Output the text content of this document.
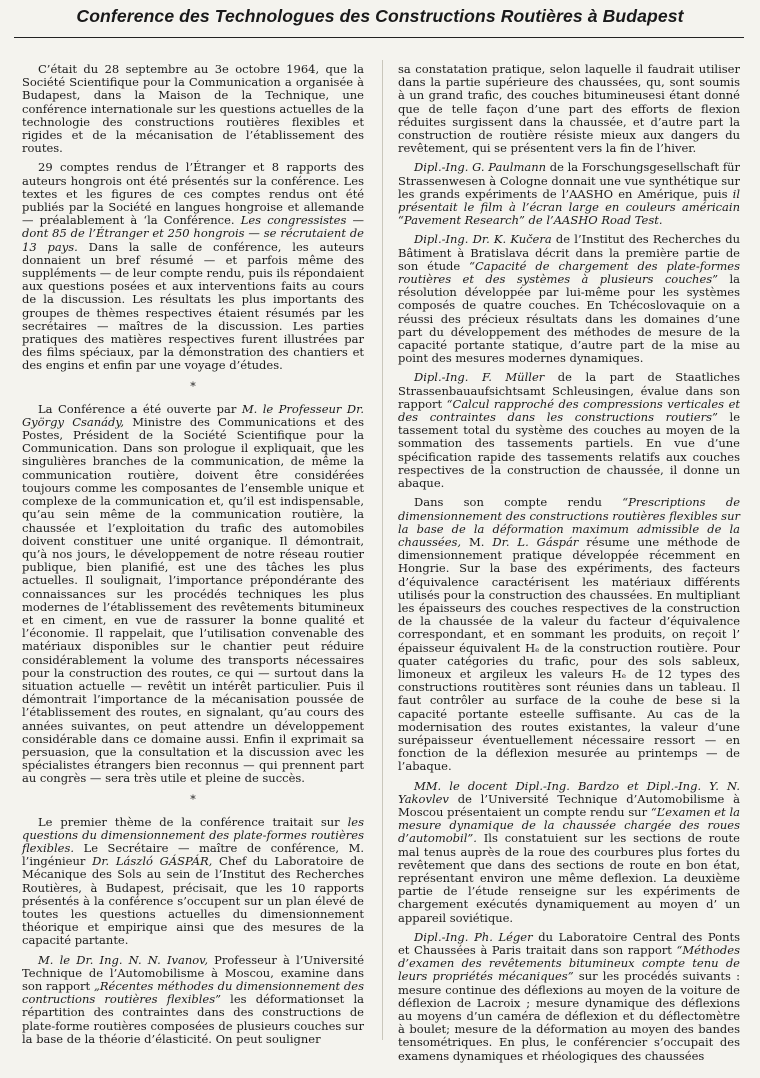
Conference des Technologues des Constructions Routières à Budapest

C’était du 28 septembre au 3e octobre 1964, que la Société Scientifique pour la Communication a organisée à Budapest, dans la Maison de la Technique, une conférence internationale sur les questions actuelles de la technologie des constructions routières flexibles et rigides et de la mécanisation de l’établissement des routes.

29 comptes rendus de l’Étranger et 8 rapports des auteurs hongrois ont été présentés sur la conférence. Les textes et les figures de ces comptes rendus ont été publiés par la Société en langues hongroise et allemande — préalablement à ‘la Conférence. Les congressistes — dont 85 de l’Étranger et 250 hongrois — se récrutaient de 13 pays. Dans la salle de conférence, les auteurs donnaient un bref résumé — et parfois même des suppléments — de leur compte rendu, puis ils répondaient aux questions posées et aux interventions faits au cours de la discussion. Les résultats les plus importants des groupes de thèmes respectives étaient résumés par les secrétaires — maîtres de la discussion. Les parties pratiques des matières respectives furent illustrées par des films spéciaux, par la démonstration des chantiers et des engins et enfin par une voyage d’études.

*

La Conférence a été ouverte par M. le Professeur Dr. György Csanády, Ministre des Communications et des Postes, Président de la Société Scientifique pour la Communication. Dans son prologue il expliquait, que les singulières branches de la communication, de même la communication routière, doivent être considérées toujours comme les composantes de l’ensemble unique et complexe de la communication et, qu’il est indispensable, qu’au sein même de la communication routière, la chaussée et l’exploitation du trafic des automobiles doivent constituer une unité organique. Il démontrait, qu’à nos jours, le développement de notre réseau routier publique, bien planifié, est une des tâches les plus actuelles. Il soulignait, l’importance prépondérante des connaissances sur les procédés techniques les plus modernes de l’établissement des revêtements bitumineux et en ciment, en vue de rassurer la bonne qualité et l’économie. Il rappelait, que l’utilisation convenable des matériaux disponibles sur le chantier peut réduire considérablement la volume des transports nécessaires pour la construction des routes, ce qui — surtout dans la situation actuelle — revêtit un intérêt particulier. Puis il démontrait l’importance de la mécanisation poussée de l’établissement des routes, en signalant, qu’au cours des années suivantes, on peut attendre un développement considérable dans ce domaine aussi. Enfin il exprimait sa persuasion, que la consultation et la discussion avec les spécialistes étrangers bien reconnus — qui prennent part au congrès — sera très utile et pleine de succès.

*

Le premier thème de la conférence traitait sur les questions du dimensionnement des plate-formes routières flexibles. Le Secrétaire — maître de conférence, M. l’ingénieur Dr. László GÁSPÁR, Chef du Laboratoire de Mécanique des Sols au sein de l’Institut des Recherches Routières, à Budapest, précisait, que les 10 rapports présentés à la conférence s’occupent sur un plan élevé de toutes les questions actuelles du dimensionnement théorique et empirique ainsi que des mesures de la capacité partante.

M. le Dr. Ing. N. N. Ivanov, Professeur à l’Université Technique de l’Automobilisme à Moscou, examine dans son rapport „Récentes méthodes du dimensionnement des contructions routières flexibles” les déformationset la répartition des contraintes dans des constructions de plate-forme routières composées de plusieurs couches sur la base de la théorie d’élasticité. On peut souligner

sa constatation pratique, selon laquelle il faudrait utiliser dans la partie supérieure des chaussées, qu, sont soumis à un grand trafic, des couches bitumineusesi étant donné que de telle façon d’une part des efforts de flexion réduites surgissent dans la chaussée, et d’autre part la construction de routière résiste mieux aux dangers du revêtement, qui se présentent vers la fin de l’hiver.

Dipl.-Ing. G. Paulmann de la Forschungsgesellschaft für Strassenwesen à Cologne donnait une vue synthétique sur les grands expériments de l’AASHO en Amérique, puis il présentait le film à l’écran large en couleurs américain “Pavement Research” de l’AASHO Road Test.

Dipl.-Ing. Dr. K. Kučera de l’Institut des Recherches du Bâtiment à Bratislava décrit dans la première partie de son étude “Capacité de chargement des plate-formes routières et des systèmes à plusieurs couches” la résolution développée par lui-même pour les systèmes composés de quatre couches. En Tchécoslovaquie on a réussi des précieux résultats dans les domaines d’une part du développement des méthodes de mesure de la capacité portante statique, d’autre part de la mise au point des mesures modernes dynamiques.

Dipl.-Ing. F. Müller de la part de Staatliches Strassenbauaufsichtsamt Schleusingen, évalue dans son rapport “Calcul rapproché des compressions verticales et des contraintes dans les constructions routiers” le tassement total du système des couches au moyen de la sommation des tassements partiels. En vue d’une spécification rapide des tassements relatifs aux couches respectives de la construction de chaussée, il donne un abaque.

Dans son compte rendu “Prescriptions de dimensionnement des constructions routières flexibles sur la base de la déformation maximum admissible de la chaussées, M. Dr. L. Gáspár résume une méthode de dimensionnement pratique développée récemment en Hongrie. Sur la base des expériments, des facteurs d’équivalence caractérisent les matériaux différents utilisés pour la construction des chaussées. En multipliant les épaisseurs des couches respectives de la construction de la chaussée de la valeur du facteur d’équivalence correspondant, et en sommant les produits, on reçoit l’ épaisseur équivalent Hₑ de la construction routière. Pour quater catégories du trafic, pour des sols sableux, limoneux et argileux les valeurs Hₑ de 12 types des constructions routitères sont réunies dans un tableau. Il faut contrôler au surface de la couhe de bese si la capacité portante esteelle suffisante. Au cas de la modernisation des routes existantes, la valeur d’une surépaisseur éventuellement nécessaire ressort — en fonction de la déflexion mesurée au printemps — de l’abaque.

MM. le docent Dipl.-Ing. Bardzo et Dipl.-Ing. Y. N. Yakovlev de l’Université Technique d’Automobilisme à Moscou présentaient un compte rendu sur “L’examen et la mesure dynamique de la chaussée chargée des roues d’automobil”. Ils constatuient sur les sections de route mal tenus auprès de la roue des courbures plus fortes du revêtement que dans des sections de route en bon état, représentant environ une même deflexion. La deuxième partie de l’étude renseigne sur les expériments de chargement exécutés dynamiquement au moyen d’ un appareil soviétique.

Dipl.-Ing. Ph. Léger du Laboratoire Central des Ponts et Chaussées à Paris traitait dans son rapport “Méthodes d’examen des revêtements bitumineux compte tenu de leurs propriétés mécaniques” sur les procédés suivants : mesure continue des déflexions au moyen de la voiture de déflexion de Lacroix ; mesure dynamique des déflexions au moyens d’un caméra de déflexion et du déflectomètre à boulet; mesure de la déformation au moyen des bandes tensométriques. En plus, le conférencier s’occupait des examens dynamiques et rhéologiques des chaussées
